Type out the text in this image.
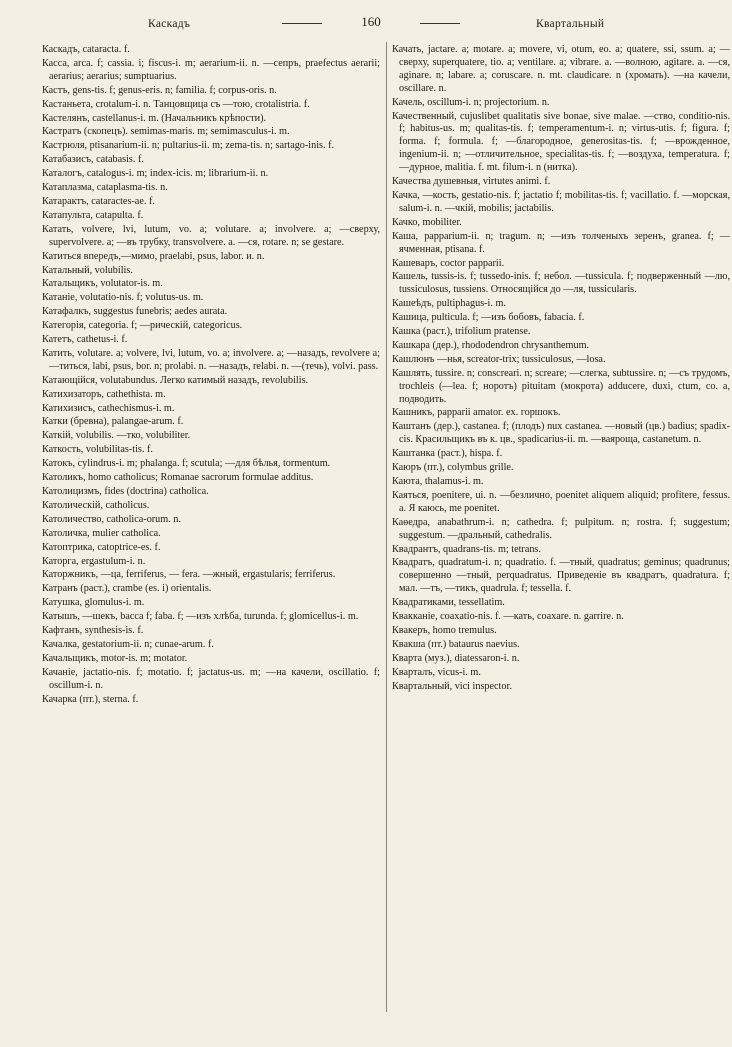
Каскадъ	160	Квартальный

Каскадъ, cataracta. f.

Касса, arca. f; cassia. i; fiscus-i. m; aerarium-ii. n. —сепръ, praefectus aerarii; aerarius; aerarius; sumptuarius.

Кастъ, gens-tis. f; genus-eris. n; familia. f; corpus-oris. n.

Кастаньета, crotalum-i. n. Танцовщица съ —тою, crotalistria. f.

Кастелянъ, castellanus-i. m. (Начальникъ крѣпости).

Кастратъ (скопецъ). semimas-maris. m; semimasculus-i. m.

Кастрюля, ptisanarium-ii. n; pultarius-ii. m; zema-tis. n; sartago-inis. f.

Катабазисъ, catabasis. f.

Каталогъ, catalogus-i. m; index-icis. m; librarium-ii. n.

Катаплазма, cataplasma-tis. n.

Катарактъ, cataractes-ae. f.

Катапульта, catapulta. f.

Катать, volvere, lvi, lutum, vo. a; volutare. a; involvere. a; —сверху, supervolvere. a; —въ трубку, transvolvere. a. —ся, rotare. n; se gestare.

Катиться впередъ,—мимо, praelabi, psus, labor. и. n.

Катальный, volubilis.

Катальщикъ, volutator-is. m.

Катаніе, volutatio-nis. f; volutus-us. m.

Катафалкъ, suggestus funebris; aedes aurata.

Категорія, categoria. f; —рическій, categoricus.

Катетъ, cathetus-i. f.

Катить, volutare. a; volvere, lvi, lutum, vo. a; involvere. a; —назадъ, revolvere a; —титься, labi, psus, bor. n; prolabi. n. —назадъ, relabi. n. —(течь), volvi. pass.

Катающійся, volutabundus. Легко катимый назадъ, revolubilis.

Катихизаторъ, cathethista. m.

Катихизисъ, cathechismus-i. m.

Катки (бревна), palangae-arum. f.

Каткій, volubilis. —тко, volubiliter.

Каткость, volubilitas-tis. f.

Катокъ, cylindrus-i. m; phalanga. f; scutula; —для бѣлья, tormentum.

Католикъ, homo catholicus; Romanae sacrorum formulae additus.

Католицизмъ, fides (doctrina) catholica.

Католическій, catholicus.

Католичество, catholica-orum. n.

Католичка, mulier catholica.

Катоптрика, catoptrice-es. f.

Каторга, ergastulum-i. n.

Каторжникъ, —ца, ferriferus, — fera. —жный, ergastularis; ferriferus.

Катранъ (раст.), crambe (es. i) orientalis.

Катушка, glomulus-i. m.

Катышъ, —шекъ, bacca f; faba. f; —изъ хлѣба, turunda. f; glomicellus-i. m.

Кафтанъ, synthesis-is. f.

Качалка, gestatorium-ii. n; cunae-arum. f.

Качальщикъ, motor-is. m; motator.

Качаніе, jactatio-nis. f; motatio. f; jactatus-us. m; —на качели, oscillatio. f; oscillum-i. n.

Качарка (пт.), sterna. f.

Качать, jactare. a; motare. a; movere, vi, otum, eo. a; quatere, ssi, ssum. a; —сверху, superquatere, tio. a; ventilare. a; vibrare. a. —волною, agitare. a. —ся, aginare. n; labare. a; coruscare. n. mt. claudicare. n (хромать). —на качели, oscillare. n.

Качель, oscillum-i. n; projectorium. n.

Качественный, cujuslibet qualitatis sive bonae, sive malae. —ство, conditio-nis. f; habitus-us. m; qualitas-tis. f; temperamentum-i. n; virtus-utis. f; figura. f; forma. f; formula. f; —благородное, generositas-tis. f; —врожденное, ingenium-ii. n; —отличительное, specialitas-tis. f; —воздуха, temperatura. f; —дурное, malitia. f. mt. filum-i. n (нитка).

Качества душевныя, virtutes animi. f.

Качка, —кость, gestatio-nis. f; jactatio f; mobilitas-tis. f; vacillatio. f. —морская, salum-i. n. —чкій, mobilis; jactabilis.

Качко, mobiliter.

Каша, papparium-ii. n; tragum. n; —изъ толченыхъ зеренъ, granea. f; —ячменная, ptisana. f.

Кашеваръ, coctor papparii.

Кашель, tussis-is. f; tussedo-inis. f; небол. —tussicula. f; подверженный —лю, tussiculosus, tussiens. Относящійся до —ля, tussicularis.

Кашеѣдъ, pultiphagus-i. m.

Кашица, pulticula. f; —изъ бобовъ, fabacia. f.

Кашка (раст.), trifolium pratense.

Кашкара (дер.), rhododendron chrysanthemum.

Кашлюнъ —нья, screator-trix; tussiculosus, —losa.

Кашлять, tussire. n; conscreari. n; screare; —слегка, subtussire. n; —съ трудомъ, trochleis (—lea. f; норотъ) pituitam (мокрота) adducere, duxi, ctum, co. a, подводить.

Кашникъ, papparii amator. ex. горшокъ.

Каштанъ (дер.), castanea. f; (плодъ) nux castanea. —новый (цв.) badius; spadix-cis. Красильщикъ въ к. цв., spadicarius-ii. m. —ваяроща, castanetum. n.

Каштанка (раст.), hispa. f.

Каюръ (пт.), colymbus grille.

Каюта, thalamus-i. m.

Каяться, poenitere, ui. n. —безлично, poenitet aliquem aliquid; profitere, fessus. a. Я каюсь, me poenitet.

Каѳедра, anabathrum-i. n; cathedra. f; pulpitum. n; rostra. f; suggestum; suggestum. —дральный, cathedralis.

Квадрантъ, quadrans-tis. m; tetrans.

Квадратъ, quadratum-i. n; quadratio. f. —тный, quadratus; geminus; quadrunus; совершенно —тный, perquadratus. Приведеніе въ квадратъ, quadratura. f; мал. —тъ, —тикъ, quadrula. f; tessella. f.

Квадратиками, tessellatim.

Квакканіе, coaxatio-nis. f. —кать, coaxare. n. garrire. n.

Квакеръ, homo tremulus.

Квакша (пт.) bataurus naevius.

Кварта (муз.), diatessaron-i. n.

Кварталъ, vicus-i. m.

Квартальный, vici inspector.
